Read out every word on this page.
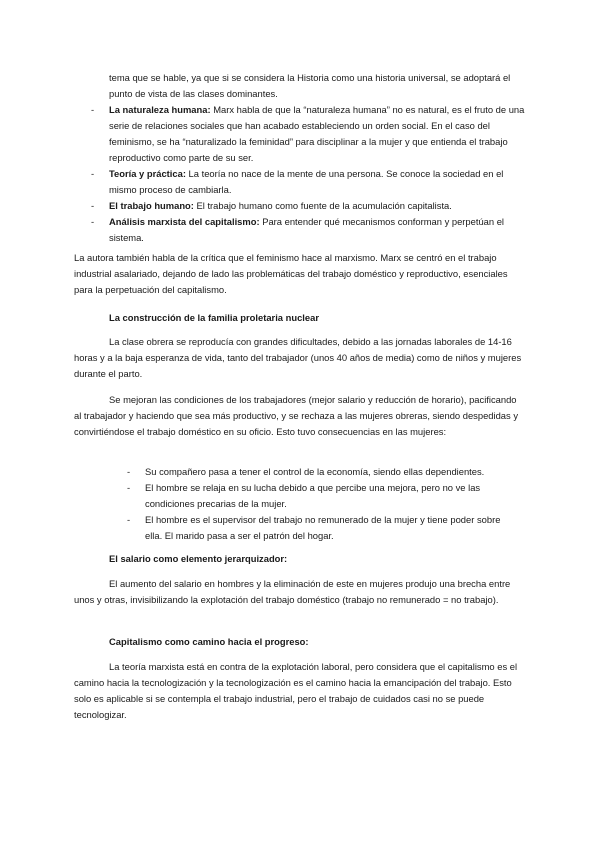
tema que se hable, ya que si se considera la Historia como una historia universal, se adoptará el punto de vista de las clases dominantes.

- La naturaleza humana: Marx habla de que la “naturaleza humana” no es natural, es el fruto de una serie de relaciones sociales que han acabado estableciendo un orden social. En el caso del feminismo, se ha “naturalizado la feminidad” para disciplinar a la mujer y que entienda el trabajo reproductivo como parte de su ser.
- Teoría y práctica: La teoría no nace de la mente de una persona. Se conoce la sociedad en el mismo proceso de cambiarla.
- El trabajo humano: El trabajo humano como fuente de la acumulación capitalista.
- Análisis marxista del capitalismo: Para entender qué mecanismos conforman y perpetúan el sistema.

La autora también habla de la crítica que el feminismo hace al marxismo. Marx se centró en el trabajo industrial asalariado, dejando de lado las problemáticas del trabajo doméstico y reproductivo, esenciales para la perpetuación del capitalismo.

La construcción de la familia proletaria nuclear

La clase obrera se reproducía con grandes dificultades, debido a las jornadas laborales de 14-16 horas y a la baja esperanza de vida, tanto del trabajador (unos 40 años de media) como de niños y mujeres durante el parto.

Se mejoran las condiciones de los trabajadores (mejor salario y reducción de horario), pacificando al trabajador y haciendo que sea más productivo, y se rechaza a las mujeres obreras, siendo despedidas y convirtiéndose el trabajo doméstico en su oficio. Esto tuvo consecuencias en las mujeres:

- Su compañero pasa a tener el control de la economía, siendo ellas dependientes.
- El hombre se relaja en su lucha debido a que percibe una mejora, pero no ve las condiciones precarias de la mujer.
- El hombre es el supervisor del trabajo no remunerado de la mujer y tiene poder sobre ella. El marido pasa a ser el patrón del hogar.

El salario como elemento jerarquizador:

El aumento del salario en hombres y la eliminación de este en mujeres produjo una brecha entre unos y otras, invisibilizando la explotación del trabajo doméstico (trabajo no remunerado = no trabajo).

Capitalismo como camino hacia el progreso:

La teoría marxista está en contra de la explotación laboral, pero considera que el capitalismo es el camino hacia la tecnologización y la tecnologización es el camino hacia la emancipación del trabajo. Esto solo es aplicable si se contempla el trabajo industrial, pero el trabajo de cuidados casi no se puede tecnologizar.
